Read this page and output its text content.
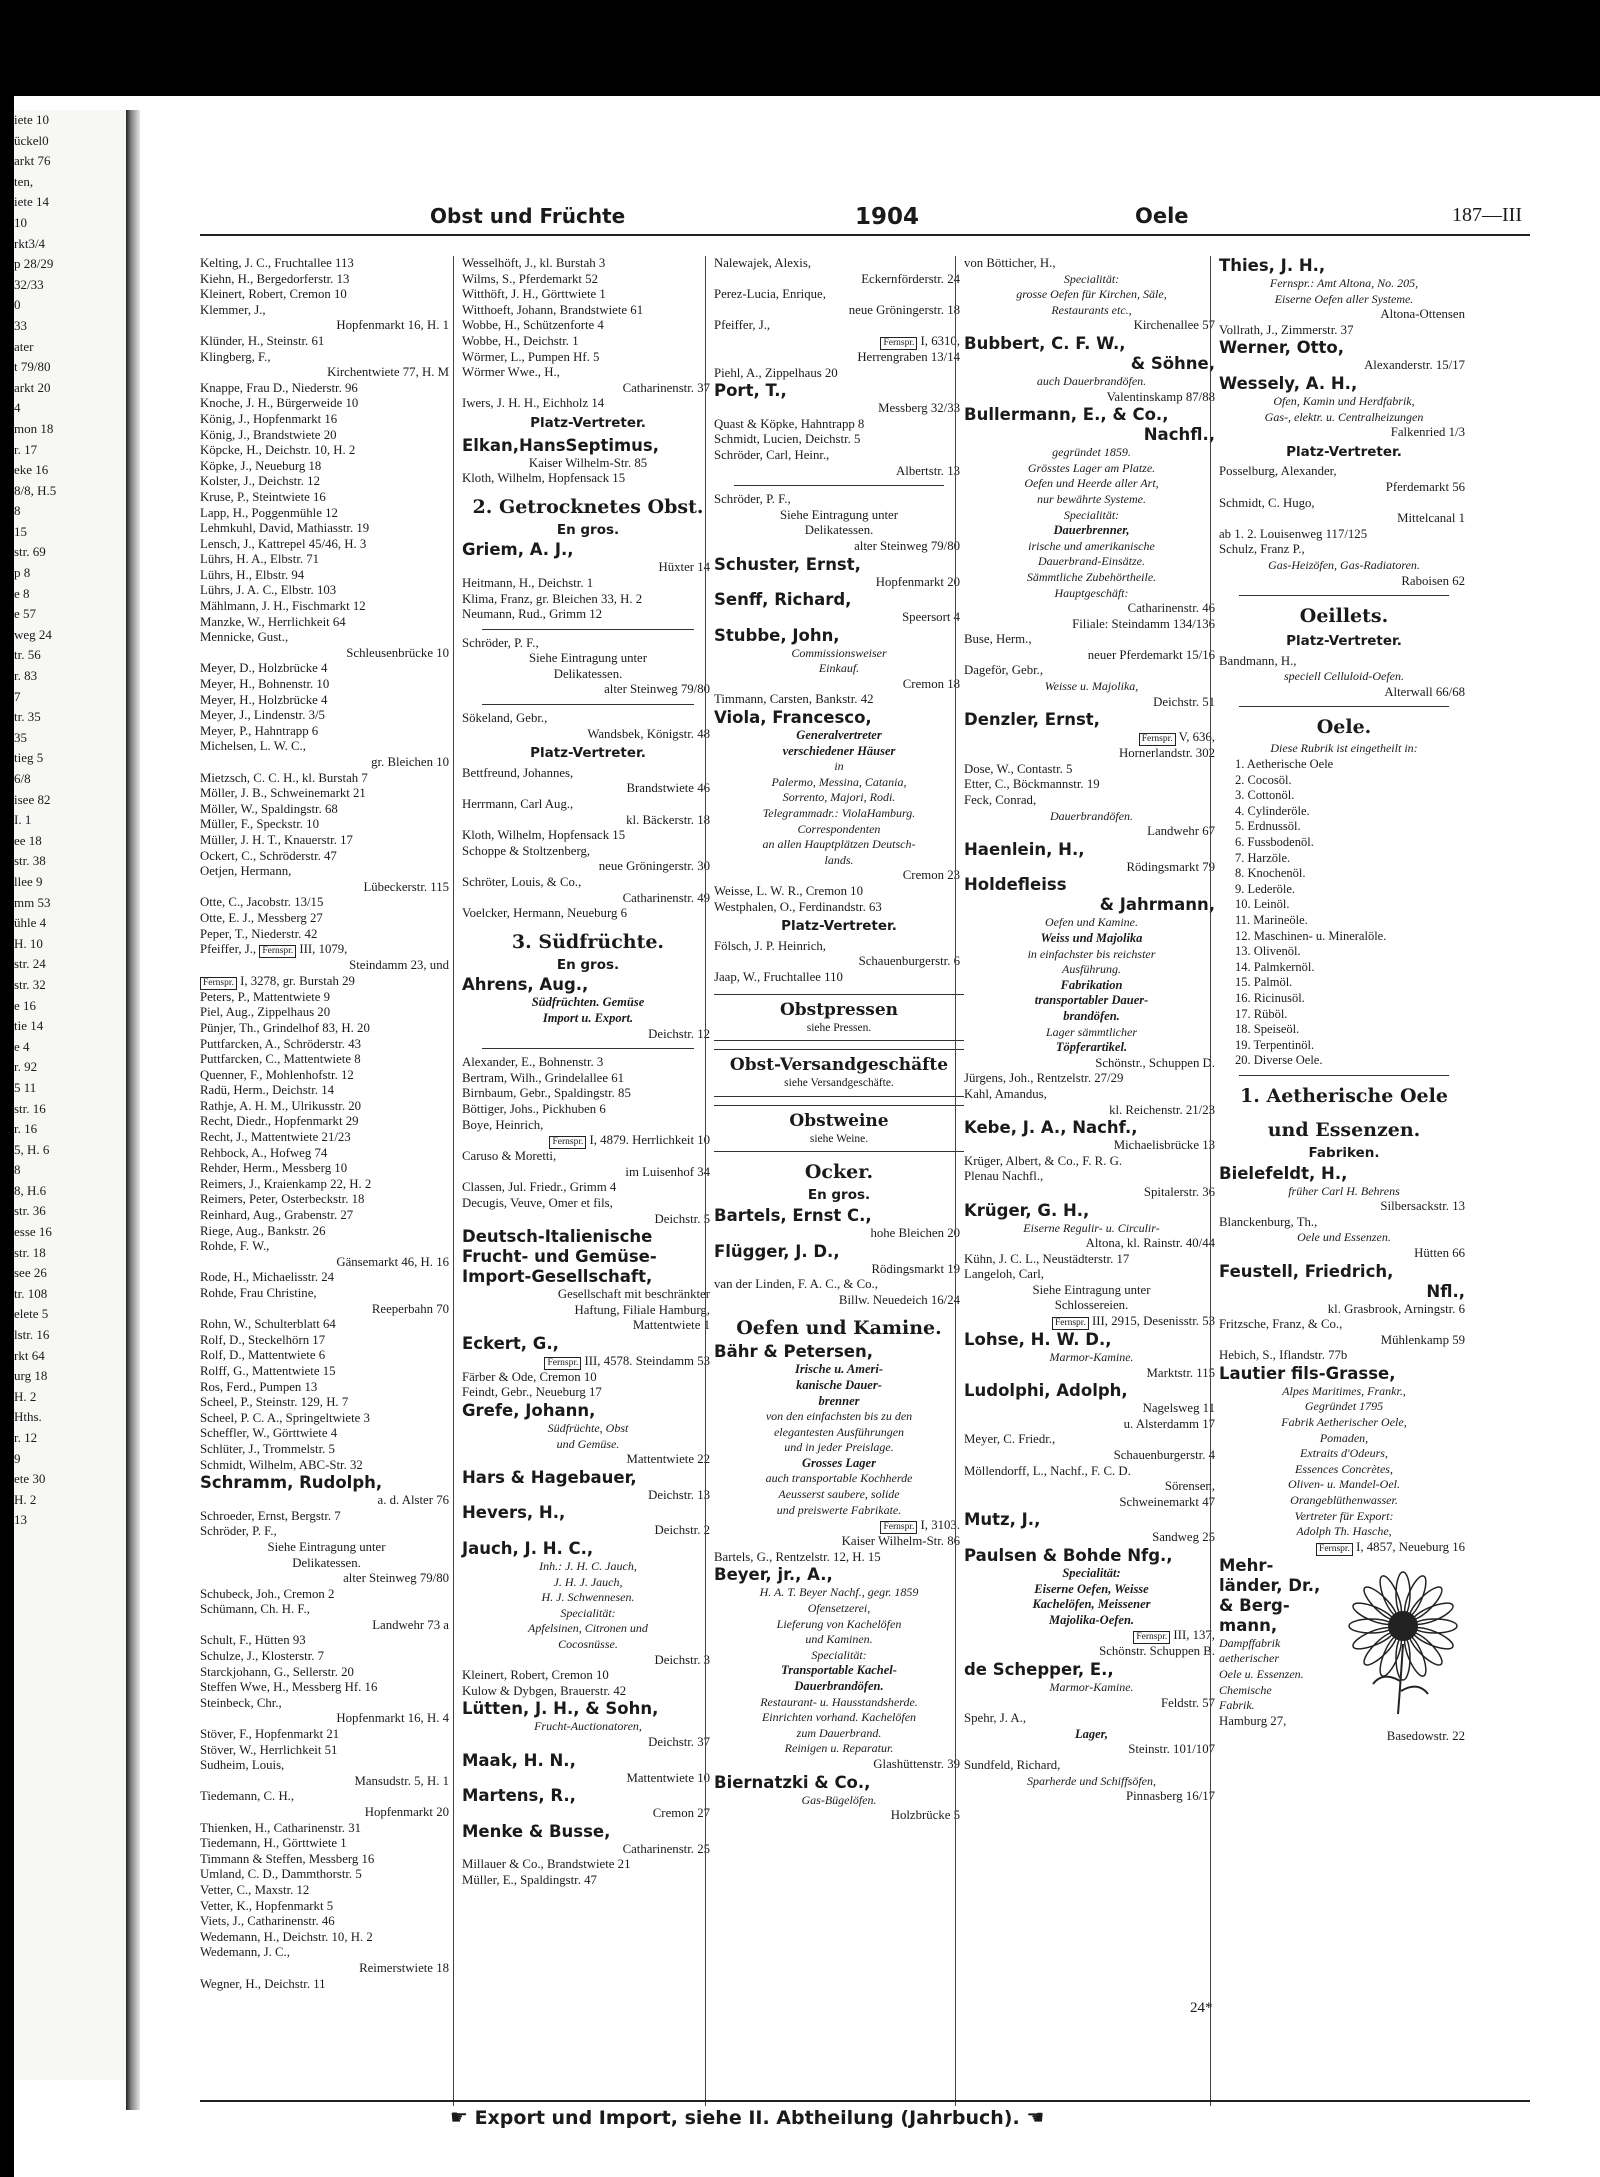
iete 10
ückel0
arkt 76
ten,
iete 14
10
rkt3/4
p 28/29
32/33
0
33
ater
t 79/80
arkt 20
4
mon 18
r. 17
eke 16
8/8, H.5
8
15
str. 69
p 8
e 8
e 57
weg 24
tr. 56
r. 83
7
tr. 35
35
tieg 5
6/8
isee 82
I. 1
ee 18
str. 38
llee 9
mm 53
ühle 4
H. 10
str. 24
str. 32
e 16
tie 14
e 4
r. 92
5 11
str. 16
r. 16
5, H. 6
8
8, H.6
str. 36
esse 16
str. 18
see 26
tr. 108
elete 5
lstr. 16
rkt 64
urg 18
H. 2
Hths.
r. 12
9
ete 30
H. 2
13
Obst und Früchte	1904	Oele	187—III
Kelting, J. C., Fruchtallee 113
Kiehn, H., Bergedorferstr. 13
Kleinert, Robert, Cremon 10
Klemmer, J.,
Hopfenmarkt 16, H. 1
Klünder, H., Steinstr. 61
Klingberg, F.,
Kirchentwiete 77, H. M
Knappe, Frau D., Niederstr. 96
Knoche, J. H., Bürgerweide 10
König, J., Hopfenmarkt 16
König, J., Brandstwiete 20
Köpcke, H., Deichstr. 10, H. 2
Köpke, J., Neueburg 18
Kolster, J., Deichstr. 12
Kruse, P., Steintwiete 16
Lapp, H., Poggenmühle 12
Lehmkuhl, David, Mathiasstr. 19
Lensch, J., Kattrepel 45/46, H. 3
Lührs, H. A., Elbstr. 71
Lührs, H., Elbstr. 94
Lührs, J. A. C., Elbstr. 103
Mählmann, J. H., Fischmarkt 12
Manzke, W., Herrlichkeit 64
Mennicke, Gust.,
Schleusenbrücke 10
Meyer, D., Holzbrücke 4
Meyer, H., Bohnenstr. 10
Meyer, H., Holzbrücke 4
Meyer, J., Lindenstr. 3/5
Meyer, P., Hahntrapp 6
Michelsen, L. W. C.,
gr. Bleichen 10
Mietzsch, C. C. H., kl. Burstah 7
Möller, J. B., Schweinemarkt 21
Möller, W., Spaldingstr. 68
Müller, F., Speckstr. 10
Müller, J. H. T., Knauerstr. 17
Ockert, C., Schröderstr. 47
Oetjen, Hermann,
Lübeckerstr. 115
Otte, C., Jacobstr. 13/15
Otte, E. J., Messberg 27
Peper, T., Niederstr. 42
Pfeiffer, J., Fernspr. III, 1079,
Steindamm 23, und
Fernspr. I, 3278, gr. Burstah 29
Peters, P., Mattentwiete 9
Piel, Aug., Zippelhaus 20
Pünjer, Th., Grindelhof 83, H. 20
Puttfarcken, A., Schröderstr. 43
Puttfarcken, C., Mattentwiete 8
Quenner, F., Mohlenhofstr. 12
Radü, Herm., Deichstr. 14
Rathje, A. H. M., Ulrikusstr. 20
Recht, Diedr., Hopfenmarkt 29
Recht, J., Mattentwiete 21/23
Rehbock, A., Hofweg 74
Rehder, Herm., Messberg 10
Reimers, J., Kraienkamp 22, H. 2
Reimers, Peter, Osterbeckstr. 18
Reinhard, Aug., Grabenstr. 27
Riege, Aug., Bankstr. 26
Rohde, F. W.,
Gänsemarkt 46, H. 16
Rode, H., Michaelisstr. 24
Rohde, Frau Christine,
Reeperbahn 70
Rohn, W., Schulterblatt 64
Rolf, D., Steckelhörn 17
Rolf, D., Mattentwiete 6
Rolff, G., Mattentwiete 15
Ros, Ferd., Pumpen 13
Scheel, P., Steinstr. 129, H. 7
Scheel, P. C. A., Springeltwiete 3
Scheffler, W., Görttwiete 4
Schlüter, J., Trommelstr. 5
Schmidt, Wilhelm, ABC-Str. 32
Schramm, Rudolph,
a. d. Alster 76
Schroeder, Ernst, Bergstr. 7
Schröder, P. F.,
Siehe Eintragung unter
Delikatessen.
alter Steinweg 79/80
Schubeck, Joh., Cremon 2
Schümann, Ch. H. F.,
Landwehr 73 a
Schult, F., Hütten 93
Schulze, J., Klosterstr. 7
Starckjohann, G., Sellerstr. 20
Steffen Wwe, H., Messberg Hf. 16
Steinbeck, Chr.,
Hopfenmarkt 16, H. 4
Stöver, F., Hopfenmarkt 21
Stöver, W., Herrlichkeit 51
Sudheim, Louis,
Mansudstr. 5, H. 1
Tiedemann, C. H.,
Hopfenmarkt 20
Thienken, H., Catharinenstr. 31
Tiedemann, H., Görttwiete 1
Timmann & Steffen, Messberg 16
Umland, C. D., Dammthorstr. 5
Vetter, C., Maxstr. 12
Vetter, K., Hopfenmarkt 5
Viets, J., Catharinenstr. 46
Wedemann, H., Deichstr. 10, H. 2
Wedemann, J. C.,
Reimerstwiete 18
Wegner, H., Deichstr. 11
Wesselhöft, J., kl. Burstah 3
Wilms, S., Pferdemarkt 52
Witthöft, J. H., Görttwiete 1
Witthoeft, Johann, Brandstwiete 61
Wobbe, H., Schützenforte 4
Wobbe, H., Deichstr. 1
Wörmer, L., Pumpen Hf. 5
Wörmer Wwe., H.,
Catharinenstr. 37
Iwers, J. H. H., Eichholz 14
Platz-Vertreter.
Elkan,HansSeptimus,
Kaiser Wilhelm-Str. 85
Kloth, Wilhelm, Hopfensack 15
2. Getrocknetes Obst.
En gros.
Griem, A. J.,
Hüxter 14
Heitmann, H., Deichstr. 1
Klima, Franz, gr. Bleichen 33, H. 2
Neumann, Rud., Grimm 12
Schröder, P. F.,
Siehe Eintragung unter
Delikatessen.
alter Steinweg 79/80
Sökeland, Gebr.,
Wandsbek, Königstr. 48
Platz-Vertreter.
Bettfreund, Johannes,
Brandstwiete 46
Herrmann, Carl Aug.,
kl. Bäckerstr. 18
Kloth, Wilhelm, Hopfensack 15
Schoppe & Stoltzenberg,
neue Gröningerstr. 30
Schröter, Louis, & Co.,
Catharinenstr. 49
Voelcker, Hermann, Neueburg 6
3. Südfrüchte.
En gros.
Ahrens, Aug.,
Südfrüchten. Gemüse
Import u. Export.
Deichstr. 12
Alexander, E., Bohnenstr. 3
Bertram, Wilh., Grindelallee 61
Birnbaum, Gebr., Spaldingstr. 85
Böttiger, Johs., Pickhuben 6
Boye, Heinrich,
Fernspr. I, 4879. Herrlichkeit 10
Caruso & Moretti,
im Luisenhof 34
Classen, Jul. Friedr., Grimm 4
Decugis, Veuve, Omer et fils,
Deichstr. 5
Deutsch-Italienische
Frucht- und Gemüse-
Import-Gesellschaft,
Gesellschaft mit beschränkter
Haftung, Filiale Hamburg,
Mattentwiete 1
Eckert, G.,
Fernspr. III, 4578. Steindamm 53
Färber & Ode, Cremon 10
Feindt, Gebr., Neueburg 17
Grefe, Johann,
Südfrüchte, Obst
und Gemüse.
Mattentwiete 22
Hars & Hagebauer,
Deichstr. 13
Hevers, H.,
Deichstr. 2
Jauch, J. H. C.,
Inh.: J. H. C. Jauch,
J. H. J. Jauch,
H. J. Schwennesen.
Specialität:
Apfelsinen, Citronen und
Cocosnüsse.
Deichstr. 3
Kleinert, Robert, Cremon 10
Kulow & Dybgen, Brauerstr. 42
Lütten, J. H., & Sohn,
Frucht-Auctionatoren,
Deichstr. 37
Maak, H. N.,
Mattentwiete 10
Martens, R.,
Cremon 27
Menke & Busse,
Catharinenstr. 25
Millauer & Co., Brandstwiete 21
Müller, E., Spaldingstr. 47
Nalewajek, Alexis,
Eckernförderstr. 24
Perez-Lucia, Enrique,
neue Gröningerstr. 18
Pfeiffer, J.,
Fernspr. I, 6310,
Herrengraben 13/14
Piehl, A., Zippelhaus 20
Port, T.,
Messberg 32/33
Quast & Köpke, Hahntrapp 8
Schmidt, Lucien, Deichstr. 5
Schröder, Carl, Heinr.,
Albertstr. 13
Schröder, P. F.,
Siehe Eintragung unter
Delikatessen.
alter Steinweg 79/80
Schuster, Ernst,
Hopfenmarkt 20
Senff, Richard,
Speersort 4
Stubbe, John,
Commissionsweiser
Einkauf.
Cremon 18
Timmann, Carsten, Bankstr. 42
Viola, Francesco,
Generalvertreter
verschiedener Häuser
in
Palermo, Messina, Catania,
Sorrento, Majori, Rodi.
Telegrammadr.: ViolaHamburg.
Correspondenten
an allen Hauptplätzen Deutsch-
lands.
Cremon 23
Weisse, L. W. R., Cremon 10
Westphalen, O., Ferdinandstr. 63
Platz-Vertreter.
Fölsch, J. P. Heinrich,
Schauenburgerstr. 6
Jaap, W., Fruchtallee 110
Obstpressen
siehe Pressen.
Obst-Versandgeschäfte
siehe Versandgeschäfte.
Obstweine
siehe Weine.
Ocker.
En gros.
Bartels, Ernst C.,
hohe Bleichen 20
Flügger, J. D.,
Rödingsmarkt 19
van der Linden, F. A. C., & Co.,
Billw. Neuedeich 16/24
Oefen und Kamine.
Bähr & Petersen,
Irische u. Ameri-
kanische Dauer-
brenner
von den einfachsten bis zu den
elegantesten Ausführungen
und in jeder Preislage.
Grosses Lager
auch transportable Kochherde
Aeusserst saubere, solide
und preiswerte Fabrikate.
Fernspr. I, 3103.
Kaiser Wilhelm-Str. 86
Bartels, G., Rentzelstr. 12, H. 15
Beyer, jr., A.,
H. A. T. Beyer Nachf., gegr. 1859
Ofensetzerei,
Lieferung von Kachelöfen
und Kaminen.
Specialität:
Transportable Kachel-
Dauerbrandöfen.
Restaurant- u. Hausstandsherde.
Einrichten vorhand. Kachelöfen
zum Dauerbrand.
Reinigen u. Reparatur.
Glashüttenstr. 39
Biernatzki & Co.,
Gas-Bügelöfen.
Holzbrücke 5
von Bötticher, H.,
Specialität:
grosse Oefen für Kirchen, Säle,
Restaurants etc.,
Kirchenallee 57
Bubbert, C. F. W.,
& Söhne,
auch Dauerbrandöfen.
Valentinskamp 87/88
Bullermann, E., & Co.,
Nachfl.,
gegründet 1859.
Grösstes Lager am Platze.
Oefen und Heerde aller Art,
nur bewährte Systeme.
Specialität:
Dauerbrenner,
irische und amerikanische
Dauerbrand-Einsätze.
Sämmtliche Zubehörtheile.
Hauptgeschäft:
Catharinenstr. 46
Filiale: Steindamm 134/136
Buse, Herm.,
neuer Pferdemarkt 15/16
Dageför, Gebr.,
Weisse u. Majolika,
Deichstr. 51
Denzler, Ernst,
Fernspr. V, 636,
Hornerlandstr. 302
Dose, W., Contastr. 5
Etter, C., Böckmannstr. 19
Feck, Conrad,
Dauerbrandöfen.
Landwehr 67
Haenlein, H.,
Rödingsmarkt 79
Holdefleiss
& Jahrmann,
Oefen und Kamine.
Weiss und Majolika
in einfachster bis reichster
Ausführung.
Fabrikation
transportabler Dauer-
brandöfen.
Lager sämmtlicher
Töpferartikel.
Schönstr., Schuppen D.
Jürgens, Joh., Rentzelstr. 27/29
Kahl, Amandus,
kl. Reichenstr. 21/23
Kebe, J. A., Nachf.,
Michaelisbrücke 13
Krüger, Albert, & Co., F. R. G.
Plenau Nachfl.,
Spitalerstr. 36
Krüger, G. H.,
Eiserne Regulir- u. Circulir-
Altona, kl. Rainstr. 40/44
Kühn, J. C. L., Neustädterstr. 17
Langeloh, Carl,
Siehe Eintragung unter
Schlossereien.
Fernspr. III, 2915, Desenisstr. 53
Lohse, H. W. D.,
Marmor-Kamine.
Marktstr. 115
Ludolphi, Adolph,
Nagelsweg 11
u. Alsterdamm 17
Meyer, C. Friedr.,
Schauenburgerstr. 4
Möllendorff, L., Nachf., F. C. D.
Sörensen,
Schweinemarkt 47
Mutz, J.,
Sandweg 25
Paulsen & Bohde Nfg.,
Specialität:
Eiserne Oefen, Weisse
Kachelöfen, Meissener
Majolika-Oefen.
Fernspr. III, 137,
Schönstr. Schuppen B.
de Schepper, E.,
Marmor-Kamine.
Feldstr. 57
Spehr, J. A.,
Lager,
Steinstr. 101/107
Sundfeld, Richard,
Sparherde und Schiffsöfen,
Pinnasberg 16/17
Thies, J. H.,
Fernspr.: Amt Altona, No. 205,
Eiserne Oefen aller Systeme.
Altona-Ottensen
Vollrath, J., Zimmerstr. 37
Werner, Otto,
Alexanderstr. 15/17
Wessely, A. H.,
Ofen, Kamin und Herdfabrik,
Gas-, elektr. u. Centralheizungen
Falkenried 1/3
Platz-Vertreter.
Posselburg, Alexander,
Pferdemarkt 56
Schmidt, C. Hugo,
Mittelcanal 1
ab 1. 2. Louisenweg 117/125
Schulz, Franz P.,
Gas-Heizöfen, Gas-Radiatoren.
Raboisen 62
Oeillets.
Platz-Vertreter.
Bandmann, H.,
speciell Celluloid-Oefen.
Alterwall 66/68
Oele.
Diese Rubrik ist eingetheilt in:
1. Aetherische Oele
2. Cocosöl.
3. Cottonöl.
4. Cylinderöle.
5. Erdnussöl.
6. Fussbodenöl.
7. Harzöle.
8. Knochenöl.
9. Lederöle.
10. Leinöl.
11. Marineöle.
12. Maschinen- u. Mineralöle.
13. Olivenöl.
14. Palmkernöl.
15. Palmöl.
16. Ricinusöl.
17. Rüböl.
18. Speiseöl.
19. Terpentinöl.
20. Diverse Oele.
1. Aetherische Oele
und Essenzen.
Fabriken.
Bielefeldt, H.,
früher Carl H. Behrens
Silbersackstr. 13
Blanckenburg, Th.,
Oele und Essenzen.
Hütten 66
Feustell, Friedrich,
Nfl.,
kl. Grasbrook, Arningstr. 6
Fritzsche, Franz, & Co.,
Mühlenkamp 59
Hebich, S., Iflandstr. 77b
Lautier fils-Grasse,
Alpes Maritimes, Frankr.,
Gegründet 1795
Fabrik Aetherischer Oele,
Pomaden,
Extraits d'Odeurs,
Essences Concrètes,
Oliven- u. Mandel-Oel.
Orangeblüthenwasser.
Vertreter für Export:
Adolph Th. Hasche,
Fernspr. I, 4857, Neueburg 16
Mehr-
länder, Dr.,
& Berg-
mann,
Dampffabrik
aetherischer
Oele u. Essenzen.
Chemische
Fabrik.
Hamburg 27,
Basedowstr. 22
☛ Export und Import, siehe II. Abtheilung (Jahrbuch). ☚
24*
